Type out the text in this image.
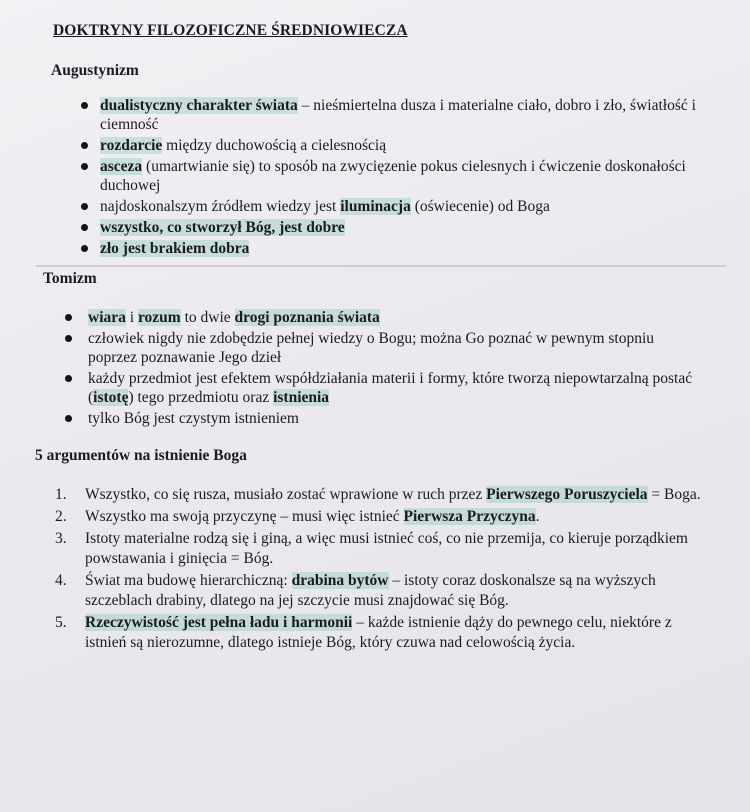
DOKTRYNY FILOZOFICZNE ŚREDNIOWIECZA
Augustynizm
dualistyczny charakter świata – nieśmiertelna dusza i materialne ciało, dobro i zło, światłość i ciemność
rozdarcie między duchowością a cielesnością
asceza (umartwianie się) to sposób na zwycięzenie pokus cielesnych i ćwiczenie doskonałości duchowej
najdoskonalszym źródłem wiedzy jest iluminacja (oświecenie) od Boga
wszystko, co stworzył Bóg, jest dobre
zło jest brakiem dobra
Tomizm
wiara i rozum to dwie drogi poznania świata
człowiek nigdy nie zdobędzie pełnej wiedzy o Bogu; można Go poznać w pewnym stopniu poprzez poznawanie Jego dzieł
każdy przedmiot jest efektem współdziałania materii i formy, które tworzą niepowtarzalną postać (istotę) tego przedmiotu oraz istnienia
tylko Bóg jest czystym istnieniem
5 argumentów na istnienie Boga
1. Wszystko, co się rusza, musiało zostać wprawione w ruch przez Pierwszego Poruszyciela = Boga.
2. Wszystko ma swoją przyczynę – musi więc istnieć Pierwsza Przyczyna.
3. Istoty materialne rodzą się i giną, a więc musi istnieć coś, co nie przemija, co kieruje porządkiem powstawania i ginięcia = Bóg.
4. Świat ma budowę hierarchiczną: drabina bytów – istoty coraz doskonalsze są na wyższych szczeblach drabiny, dlatego na jej szczycie musi znajdować się Bóg.
5. Rzeczywistość jest pełna ładu i harmonii – każde istnienie dąży do pewnego celu, niektóre z istnień są nierozumne, dlatego istnieje Bóg, który czuwa nad celowością życia.
